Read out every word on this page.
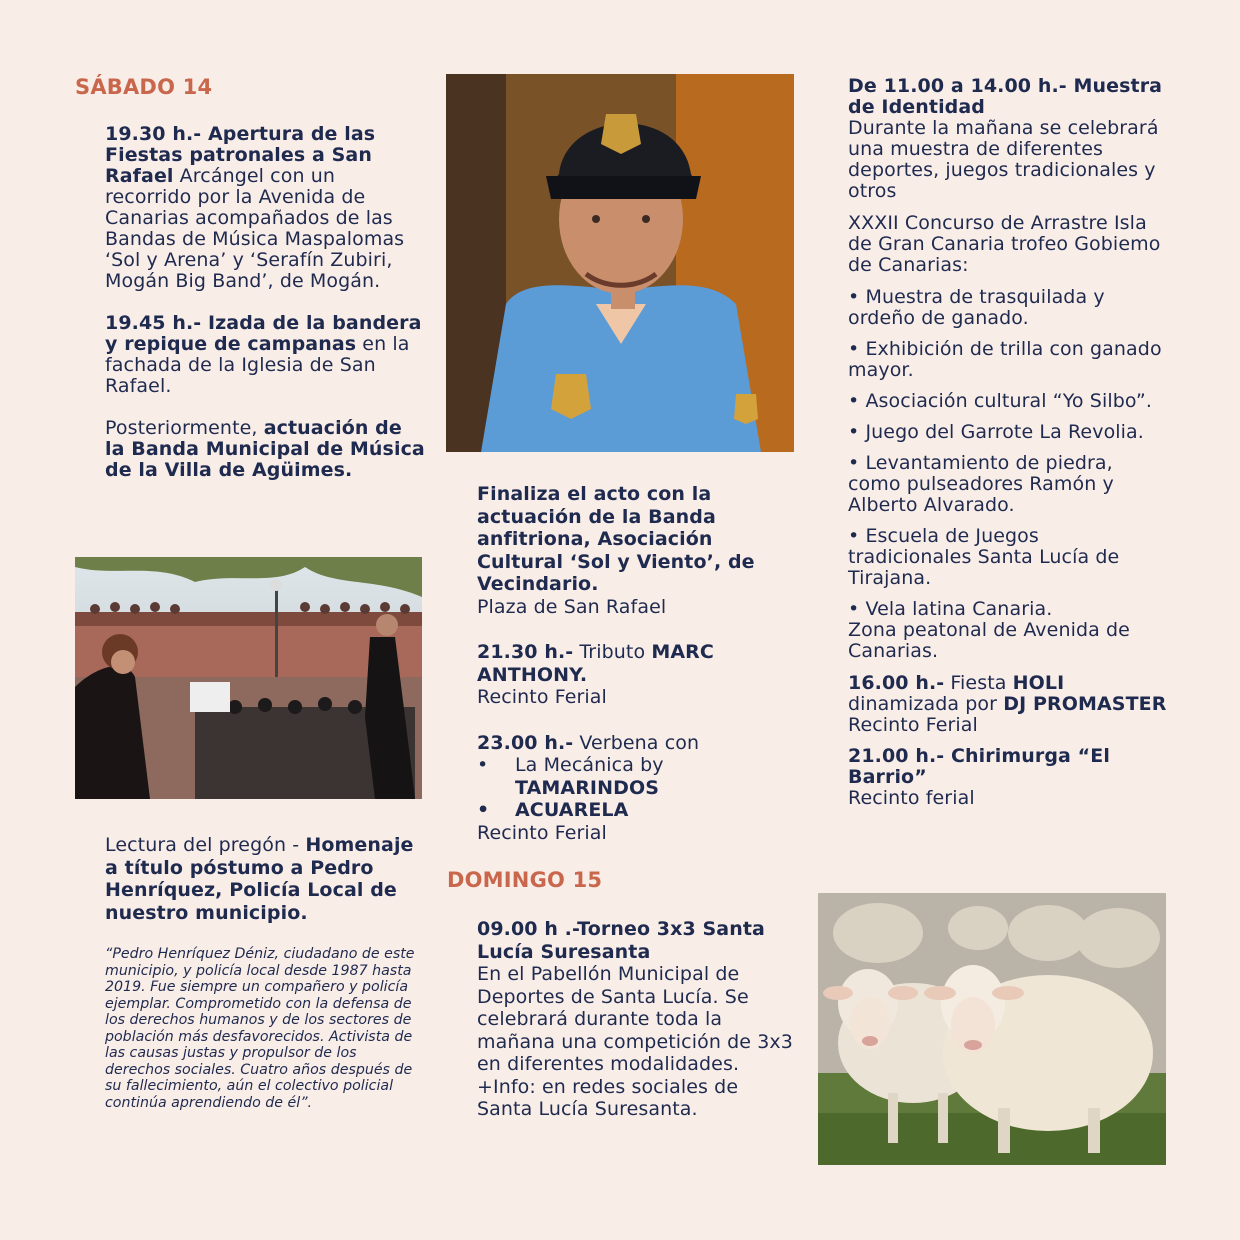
SÁBADO 14

19.30 h.- Apertura de las Fiestas patronales a San Rafael Arcángel con un recorrido por la Avenida de Canarias acompañados de las Bandas de Música Maspalomas ‘Sol y Arena’ y ‘Serafín Zubiri, Mogán Big Band’, de Mogán.

19.45 h.- Izada de la bandera y repique de campanas en la fachada de la Iglesia de San Rafael.

Posteriormente, actuación de la Banda Municipal de Música de la Villa de Agüimes.

Lectura del pregón - Homenaje a título póstumo a Pedro Henríquez, Policía Local de nuestro municipio.

“Pedro Henríquez Déniz, ciudadano de este municipio, y policía local desde 1987 hasta 2019. Fue siempre un compañero y policía ejemplar. Comprometido con la defensa de los derechos humanos y de los sectores de población más desfavorecidos. Activista de las causas justas y propulsor de los derechos sociales. Cuatro años después de su fallecimiento, aún el colectivo policial continúa aprendiendo de él”.

Finaliza el acto con la actuación de la Banda anfitriona, Asociación Cultural ‘Sol y Viento’, de Vecindario.

Plaza de San Rafael

21.30 h.- Tributo MARC ANTHONY.

Recinto Ferial

23.00 h.- Verbena con

•	La Mecánica by
TAMARINDOS
•	ACUARELA

Recinto Ferial

DOMINGO 15

09.00 h .-Torneo 3x3 Santa Lucía Suresanta

En el Pabellón Municipal de Deportes de Santa Lucía. Se celebrará durante toda la mañana una competición de 3x3 en diferentes modalidades.

+Info: en redes sociales de Santa Lucía Suresanta.

De 11.00 a 14.00 h.- Muestra de Identidad

Durante la mañana se celebrará una muestra de diferentes deportes, juegos tradicionales y otros

XXXII Concurso de Arrastre Isla de Gran Canaria trofeo Gobiemo de Canarias:

• Muestra de trasquilada y ordeño de ganado.

• Exhibición de trilla con ganado mayor.

• Asociación cultural “Yo Silbo”.

• Juego del Garrote La Revolia.

• Levantamiento de piedra, como pulseadores Ramón y Alberto Alvarado.

• Escuela de Juegos tradicionales Santa Lucía de Tirajana.

• Vela latina Canaria.

Zona peatonal de Avenida de Canarias.

16.00 h.- Fiesta HOLI dinamizada por DJ PROMASTER

Recinto Ferial

21.00 h.- Chirimurga “El Barrio”

Recinto ferial
